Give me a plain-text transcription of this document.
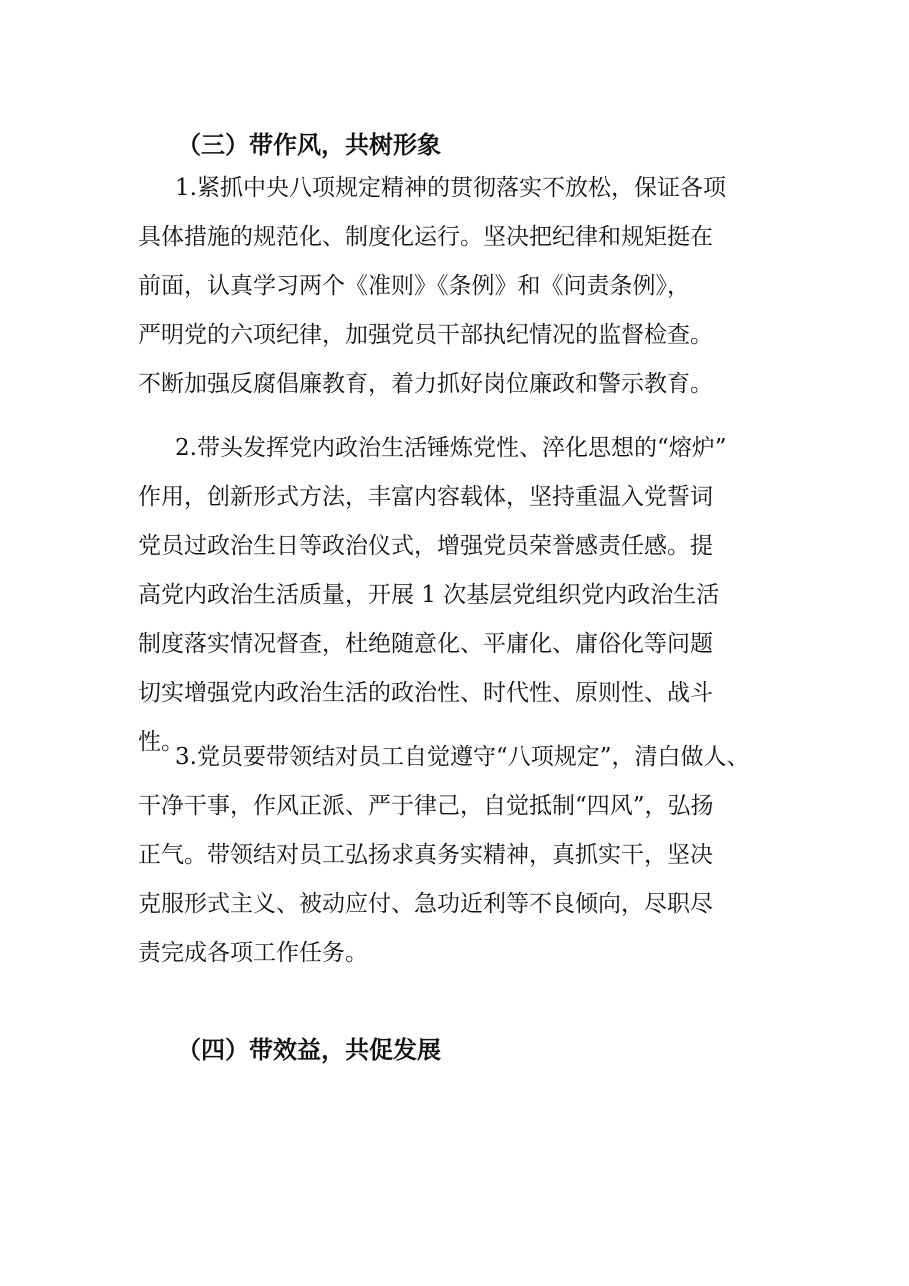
（三）带作风，共树形象
1.紧抓中央八项规定精神的贯彻落实不放松，保证各项
具体措施的规范化、制度化运行。坚决把纪律和规矩挺在
前面，认真学习两个《准则》《条例》和《问责条例》，
严明党的六项纪律，加强党员干部执纪情况的监督检查。
不断加强反腐倡廉教育，着力抓好岗位廉政和警示教育。
2.带头发挥党内政治生活锤炼党性、淬化思想的“熔炉”
作用，创新形式方法，丰富内容载体，坚持重温入党誓词
党员过政治生日等政治仪式，增强党员荣誉感责任感。提
高党内政治生活质量，开展 1 次基层党组织党内政治生活
制度落实情况督查，杜绝随意化、平庸化、庸俗化等问题
切实增强党内政治生活的政治性、时代性、原则性、战斗
性。
3.党员要带领结对员工自觉遵守“八项规定”，清白做人、
干净干事，作风正派、严于律己，自觉抵制“四风”，弘扬
正气。带领结对员工弘扬求真务实精神，真抓实干，坚决
克服形式主义、被动应付、急功近利等不良倾向，尽职尽
责完成各项工作任务。
（四）带效益，共促发展
